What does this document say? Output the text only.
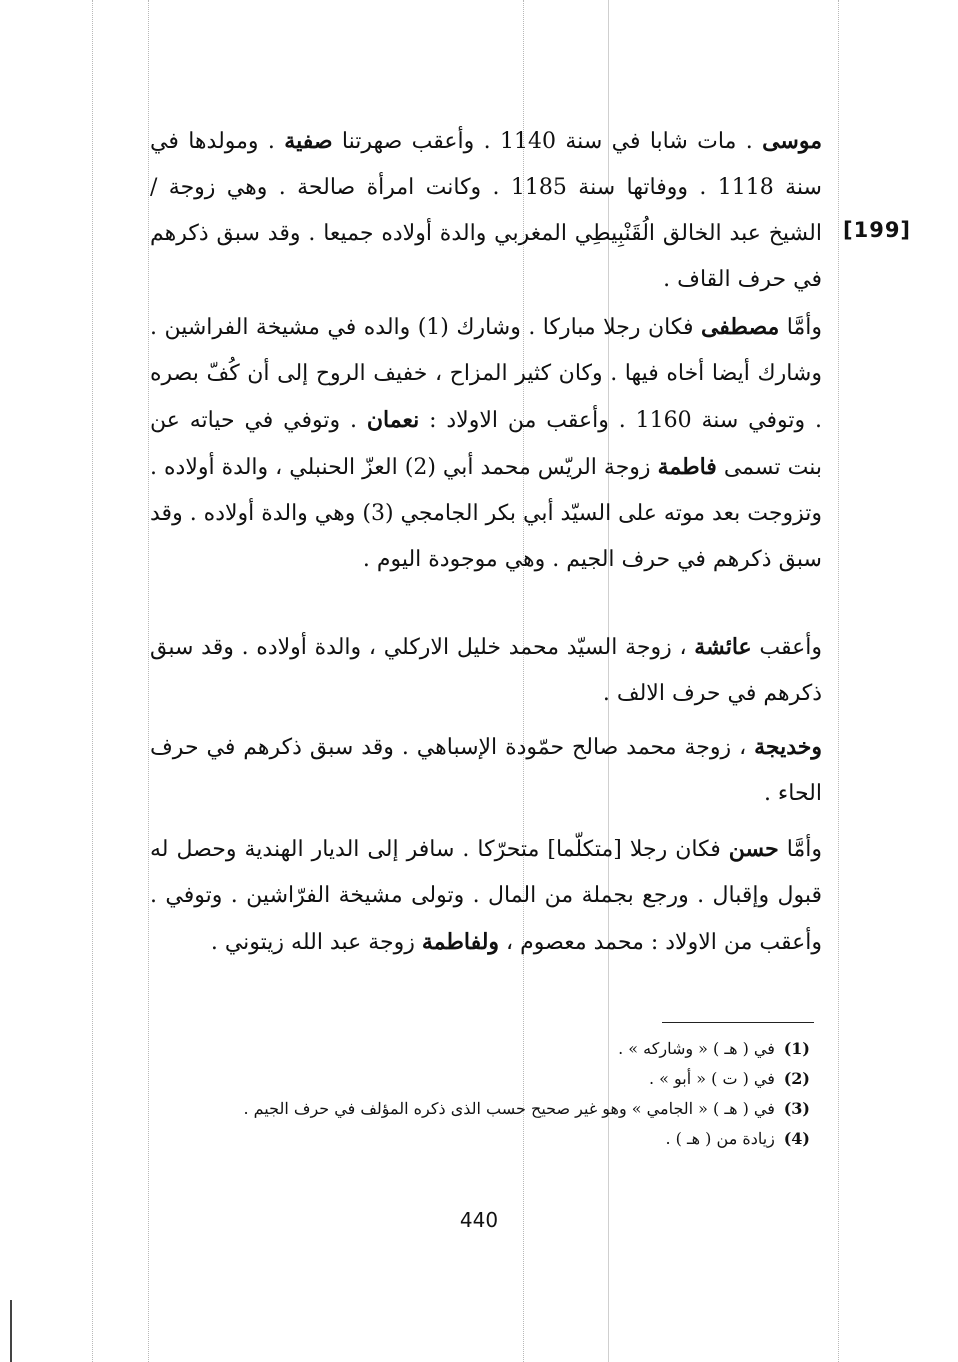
[199]

موسى . مات شابا في سنة 1140 . وأعقب صهرتنا صفية . ومولدها في سنة 1118 . ووفاتها سنة 1185 . وكانت امرأة صالحة . وهي زوجة / الشيخ عبد الخالق الُقَنْبِيطِي المغربي والدة أولاده جميعا . وقد سبق ذكرهم في حرف القاف .

وأمَّا مصطفى فكان رجلا مباركا . وشارك (1) والده في مشيخة الفراشين . وشارك أيضا أخاه فيها . وكان كثير المزاح ، خفيف الروح إلى أن كُفّ بصره . وتوفي سنة 1160 . وأعقب من الاولاد : نعمان . وتوفي في حياته عن بنت تسمى فاطمة زوجة الريّس محمد أبي (2) العزّ الحنبلي ، والدة أولاده . وتزوجت بعد موته على السيّد أبي بكر الجامجي (3) وهي والدة أولاده . وقد سبق ذكرهم في حرف الجيم . وهي موجودة اليوم .

وأعقب عائشة ، زوجة السيّد محمد خليل الاركلي ، والدة أولاده . وقد سبق ذكرهم في حرف الالف .

وخديجة ، زوجة محمد صالح حمّودة الإسباهي . وقد سبق ذكرهم في حرف الحاء .

وأمَّا حسن فكان رجلا [متكلّما] متحرّكا . سافر إلى الديار الهندية وحصل له قبول وإقبال . ورجع بجملة من المال . وتولى مشيخة الفرّاشين . وتوفي . وأعقب من الاولاد : محمد معصوم ، ولفاطمة زوجة عبد الله زيتوني .

(1) في ( هـ ) « وشاركه » .

(2) في ( ت ) « أبو » .

(3) في ( هـ ) « الجامي » وهو غير صحيح حسب الذى ذكره المؤلف في حرف الجيم .

(4) زيادة من ( هـ ) .

440
